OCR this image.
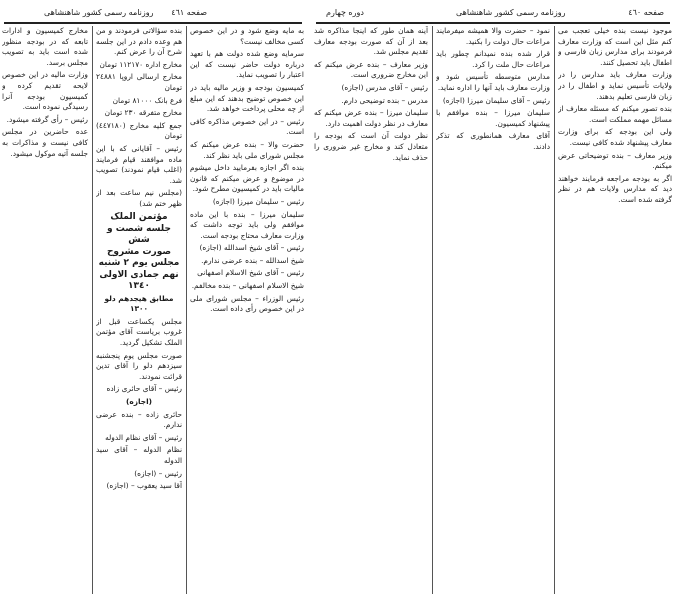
روزنامه رسمی کشور شاهنشاهی صفحه ٤٦١

به مایه وضع شود و در این خصوص کسی مخالف نیست؟

سرمایه وضع شده دولت هم با تعهد درباره دولت حاضر نیست که این اعتبار را تصویب نماید.

کمیسیون بودجه و وزیر مالیه باید در این خصوص توضیح بدهند که این مبلغ از چه محلی پرداخت خواهد شد.

رئیس – در این خصوص مذاکره کافی است.

حضرت والا – بنده عرض میکنم که مجلس شورای ملی باید نظر کند.

بنده اگر اجازه بفرمایید داخل میشوم در موضوع و عرض میکنم که قانون مالیات باید در کمیسیون مطرح شود.

رئیس – سلیمان میرزا (اجازه)

سلیمان میرزا – بنده با این ماده موافقم ولی باید توجه داشت که وزارت معارف محتاج بودجه است.

رئیس – آقای شیخ اسدالله (اجازه)

شیخ اسدالله – بنده عرضی ندارم.

رئیس – آقای شیخ الاسلام اصفهانی

شیخ الاسلام اصفهانی – بنده مخالفم.

رئیس الوزراء – مجلس شورای ملی در این خصوص رأی داده است.

بنده سؤالاتی فرمودند و من هم وعده دادم در این جلسه شرح آن را عرض کنم.

مخارج اداره ١١٢١٧٠ تومان

مخارج ارسالی اروپا ٢٤٨٨١ تومان

فرع بانک ٨١٠٠٠ تومان

مخارج متفرقه ٢٣٠ تومان

جمع کلیه مخارج (٤٤٧١٨٠) تومان

رئیس – آقایانی که با این ماده موافقند قیام فرمایند (اغلب قیام نمودند) تصویب شد.

(مجلس نیم ساعت بعد از ظهر ختم شد)

مؤتمن الملک

جلسه شصت و شش

صورت مشروح مجلس یوم ٢ شنبه

نهم جمادی الاولی ١٣٤٠

مطابق هیجدهم دلو ١٣٠٠

مجلس یکساعت قبل از غروب بریاست آقای مؤتمن الملک تشکیل گردید.

صورت مجلس یوم پنجشنبه سیزدهم دلو را آقای تدین قرائت نمودند.

رئیس – آقای حائری زاده

(اجازه)

حائری زاده – بنده عرضی ندارم.

رئیس – آقای نظام الدوله

نظام الدوله – آقای سید الدوله

رئیس – (اجازه)

آقا سید یعقوب – (اجازه)

مخارج کمیسیون و ادارات تابعه که در بودجه منظور شده است باید به تصویب مجلس برسد.

وزارت مالیه در این خصوص لایحه تقدیم کرده و کمیسیون بودجه آنرا رسیدگی نموده است.

رئیس – رأی گرفته میشود.

عده حاضرین در مجلس کافی نیست و مذاکرات به جلسه آتیه موکول میشود.

دوره چهارم	روزنامه رسمی کشور شاهنشاهی	صفحه ٤٦٠

موجود نیست بنده خیلی تعجب می کنم مثل این است که وزارت معارف فرمودند برای مدارس زبان فارسی و اطفال باید تحصیل کنند.

وزارت معارف باید مدارس را در ولایات تأسیس نماید و اطفال را در زبان فارسی تعلیم بدهند.

بنده تصور میکنم که مسئله معارف از مسائل مهمه مملکت است.

ولی این بودجه که برای وزارت معارف پیشنهاد شده کافی نیست.

وزیر معارف – بنده توضیحاتی عرض میکنم.

اگر به بودجه مراجعه فرمایند خواهند دید که مدارس ولایات هم در نظر گرفته شده است.

نمود – حضرت والا همیشه میفرمایند مراعات حال دولت را بکنید.

قرار شده بنده نمیدانم چطور باید مراعات حال ملت را کرد.

مدارس متوسطه تأسیس شود و وزارت معارف باید آنها را اداره نماید.

رئیس – آقای سلیمان میرزا (اجازه)

سلیمان میرزا – بنده موافقم با پیشنهاد کمیسیون.

آقای معارف همانطوری که تذکر دادند.

آینه همان طور که اینجا مذاکره شد بعد از آن که صورت بودجه معارف تقدیم مجلس شد.

وزیر معارف – بنده عرض میکنم که این مخارج ضروری است.

رئیس – آقای مدرس (اجازه)

مدرس – بنده توضیحی دارم.

سلیمان میرزا – بنده عرض میکنم که معارف در نظر دولت اهمیت دارد.

نظر دولت آن است که بودجه را متعادل کند و مخارج غیر ضروری را حذف نماید.
